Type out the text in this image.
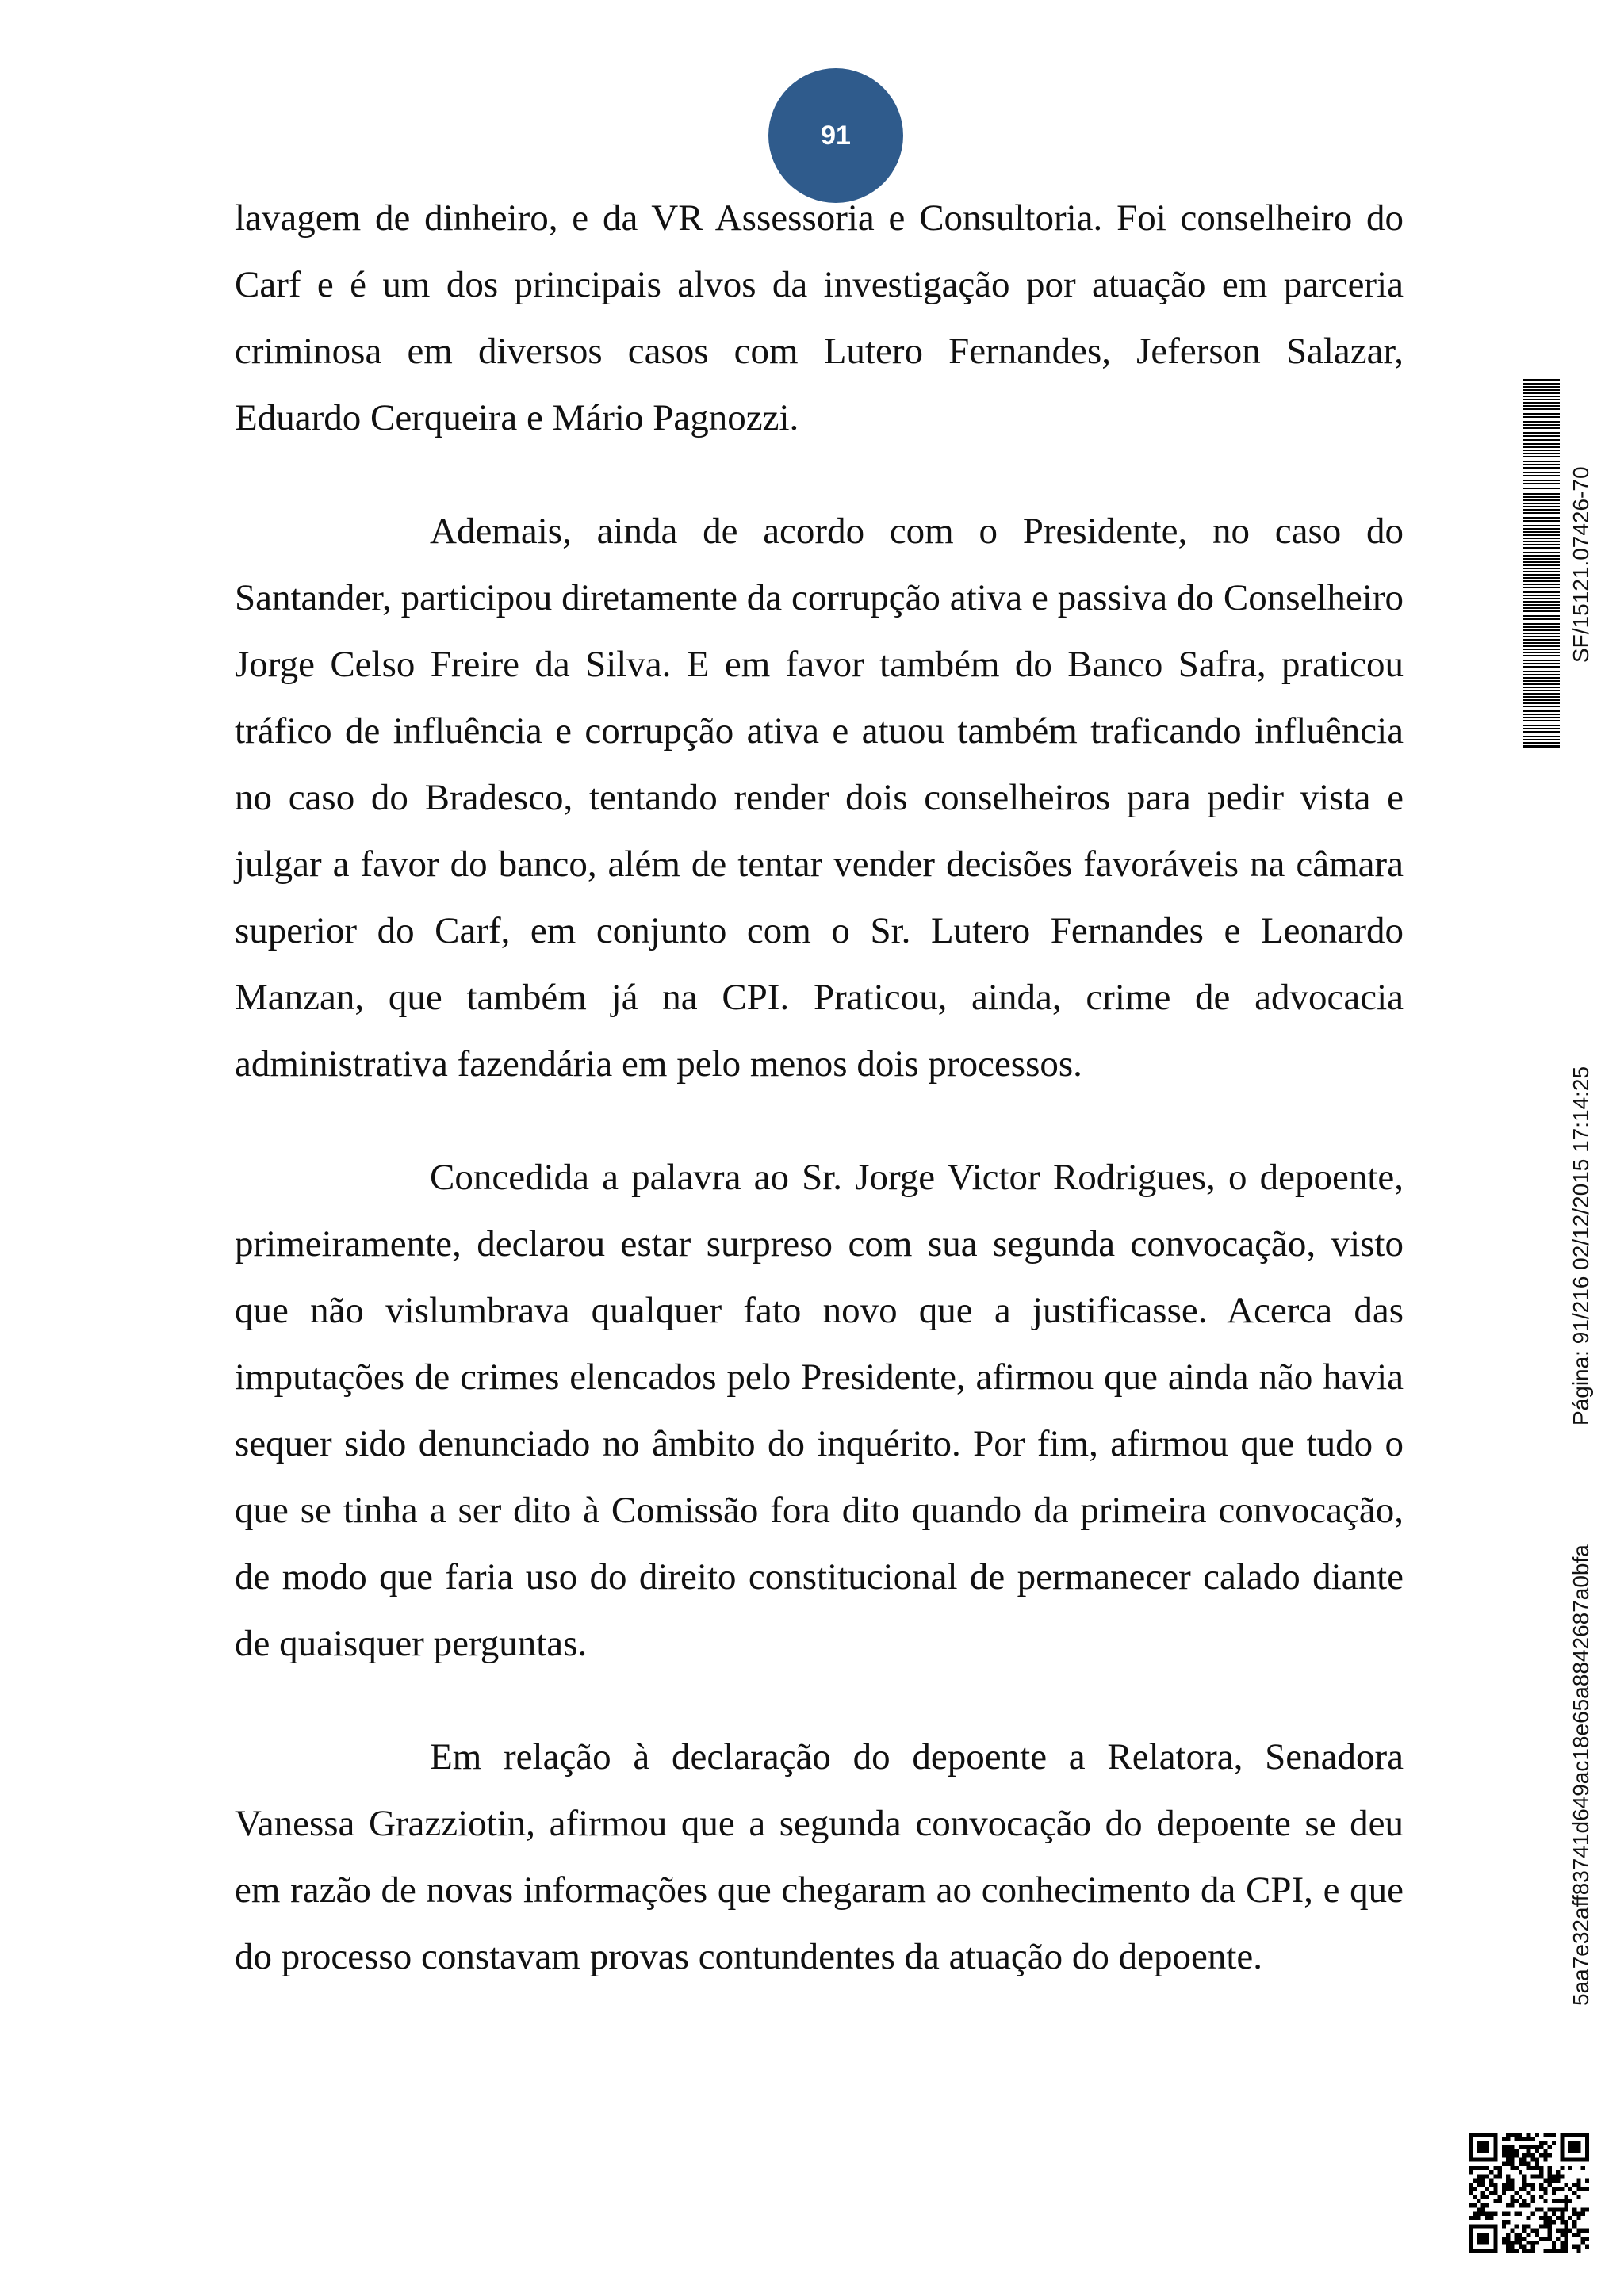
91

lavagem de dinheiro, e da VR Assessoria e Consultoria. Foi conselheiro do Carf e é um dos principais alvos da investigação por atuação em parceria criminosa em diversos casos com Lutero Fernandes, Jeferson Salazar, Eduardo Cerqueira e Mário Pagnozzi.

Ademais, ainda de acordo com o Presidente, no caso do Santander, participou diretamente da corrupção ativa e passiva do Conselheiro Jorge Celso Freire da Silva. E em favor também do Banco Safra, praticou tráfico de influência e corrupção ativa e atuou também traficando influência no caso do Bradesco, tentando render dois conselheiros para pedir vista e julgar a favor do banco, além de tentar vender decisões favoráveis na câmara superior do Carf, em conjunto com o Sr. Lutero Fernandes e Leonardo Manzan, que também já na CPI. Praticou, ainda, crime de advocacia administrativa fazendária em pelo menos dois processos.

Concedida a palavra ao Sr. Jorge Victor Rodrigues, o depoente, primeiramente, declarou estar surpreso com sua segunda convocação, visto que não vislumbrava qualquer fato novo que a justificasse. Acerca das imputações de crimes elencados pelo Presidente, afirmou que ainda não havia sequer sido denunciado no âmbito do inquérito. Por fim, afirmou que tudo o que se tinha a ser dito à Comissão fora dito quando da primeira convocação, de modo que faria uso do direito constitucional de permanecer calado diante de quaisquer perguntas.

Em relação à declaração do depoente a Relatora, Senadora Vanessa Grazziotin, afirmou que a segunda convocação do depoente se deu em razão de novas informações que chegaram ao conhecimento da CPI, e que do processo constavam provas contundentes da atuação do depoente.

SF/15121.07426-70
Página: 91/216 02/12/2015 17:14:25
5aa7e32aff83741d649ac18e65a8842687a0bfa
